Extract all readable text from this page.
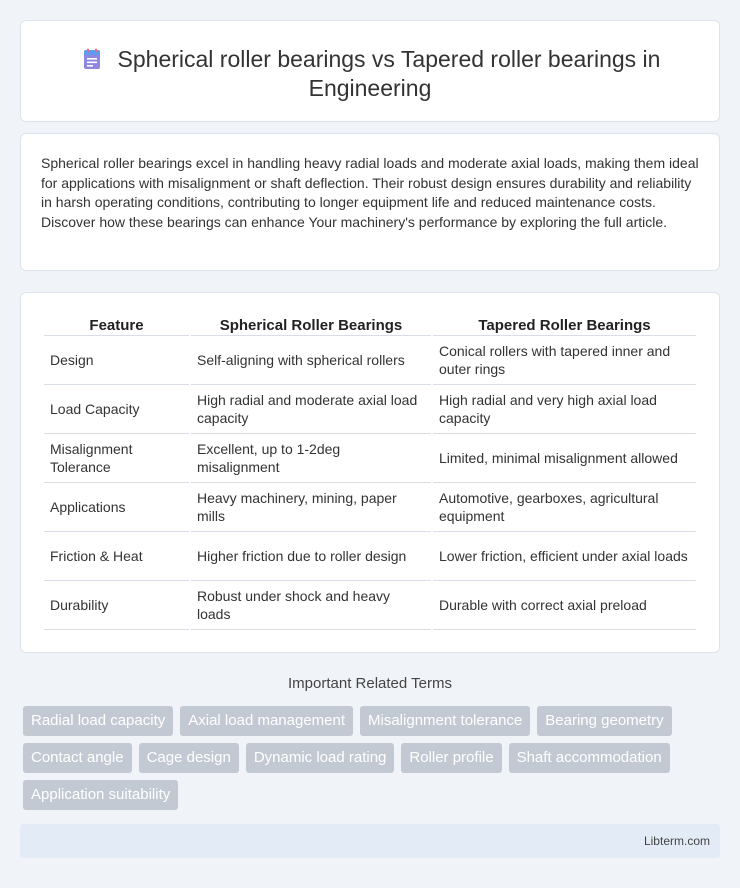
Spherical roller bearings vs Tapered roller bearings in Engineering

Spherical roller bearings excel in handling heavy radial loads and moderate axial loads, making them ideal for applications with misalignment or shaft deflection. Their robust design ensures durability and reliability in harsh operating conditions, contributing to longer equipment life and reduced maintenance costs. Discover how these bearings can enhance Your machinery's performance by exploring the full article.

Feature	Spherical Roller Bearings	Tapered Roller Bearings
Design	Self-aligning with spherical rollers	Conical rollers with tapered inner and outer rings
Load Capacity	High radial and moderate axial load capacity	High radial and very high axial load capacity
Misalignment Tolerance	Excellent, up to 1-2deg misalignment	Limited, minimal misalignment allowed
Applications	Heavy machinery, mining, paper mills	Automotive, gearboxes, agricultural equipment
Friction & Heat	Higher friction due to roller design	Lower friction, efficient under axial loads
Durability	Robust under shock and heavy loads	Durable with correct axial preload
Important Related Terms
Radial load capacity	Axial load management	Misalignment tolerance	Bearing geometry
Contact angle	Cage design	Dynamic load rating	Roller profile	Shaft accommodation
Application suitability
Libterm.com
